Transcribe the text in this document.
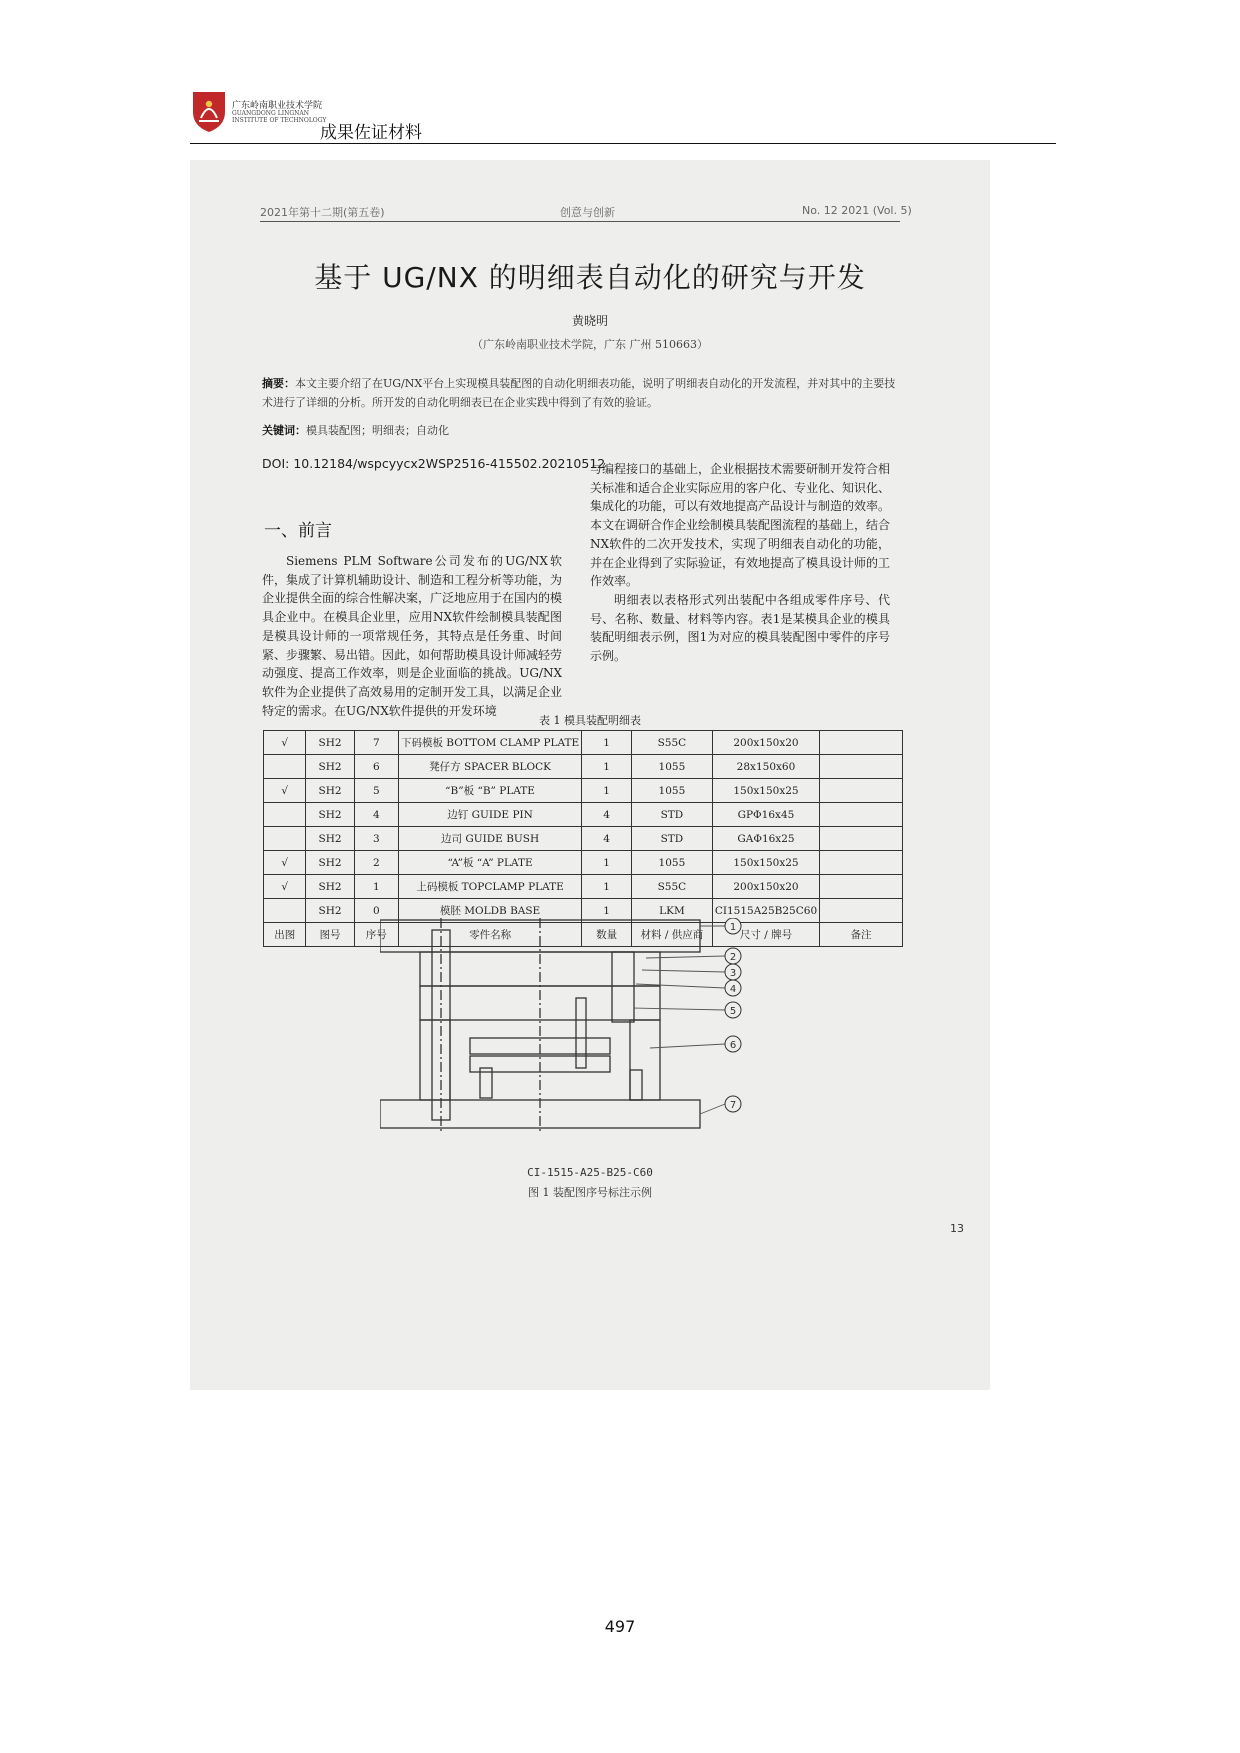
广东岭南职业技术学院
GUANGDONG LINGNAN
INSTITUTE OF TECHNOLOGY
成果佐证材料
2021年第十二期(第五卷)	创意与创新	No. 12 2021 (Vol. 5)
基于 UG/NX 的明细表自动化的研究与开发
黄晓明
（广东岭南职业技术学院，广东 广州 510663）

摘要：本文主要介绍了在UG/NX平台上实现模具装配图的自动化明细表功能，说明了明细表自动化的开发流程，并对其中的主要技术进行了详细的分析。所开发的自动化明细表已在企业实践中得到了有效的验证。

关键词：模具装配图；明细表；自动化
DOI: 10.12184/wspcyycx2WSP2516-415502.20210512
一、前言

Siemens PLM Software公司发布的UG/NX软件，集成了计算机辅助设计、制造和工程分析等功能，为企业提供全面的综合性解决案，广泛地应用于在国内的模具企业中。在模具企业里，应用NX软件绘制模具装配图是模具设计师的一项常规任务，其特点是任务重、时间紧、步骤繁、易出错。因此，如何帮助模具设计师减轻劳动强度、提高工作效率，则是企业面临的挑战。UG/NX软件为企业提供了高效易用的定制开发工具，以满足企业特定的需求。在UG/NX软件提供的开发环境

与编程接口的基础上，企业根据技术需要研制开发符合相关标准和适合企业实际应用的客户化、专业化、知识化、集成化的功能，可以有效地提高产品设计与制造的效率。本文在调研合作企业绘制模具装配图流程的基础上，结合NX软件的二次开发技术，实现了明细表自动化的功能，并在企业得到了实际验证，有效地提高了模具设计师的工作效率。

明细表以表格形式列出装配中各组成零件序号、代号、名称、数量、材料等内容。表1是某模具企业的模具装配明细表示例，图1为对应的模具装配图中零件的序号示例。

表 1 模具装配明细表
√	SH2	7	下码模板 BOTTOM CLAMP PLATE	1	S55C	200x150x20	
	SH2	6	凳仔方 SPACER BLOCK	1	1055	28x150x60	
√	SH2	5	“B”板 “B” PLATE	1	1055	150x150x25	
	SH2	4	边钉 GUIDE PIN	4	STD	GPΦ16x45	
	SH2	3	边司 GUIDE BUSH	4	STD	GAΦ16x25	
√	SH2	2	“A”板 “A” PLATE	1	1055	150x150x25	
√	SH2	1	上码模板 TOPCLAMP PLATE	1	S55C	200x150x20	
	SH2	0	模胚 MOLDB BASE	1	LKM	CI1515A25B25C60	
出图	图号	序号	零件名称	数量	材料 / 供应商	尺寸 / 牌号	备注
1
2
3
4
5
6
7
CI-1515-A25-B25-C60
图 1 装配图序号标注示例
13
497
